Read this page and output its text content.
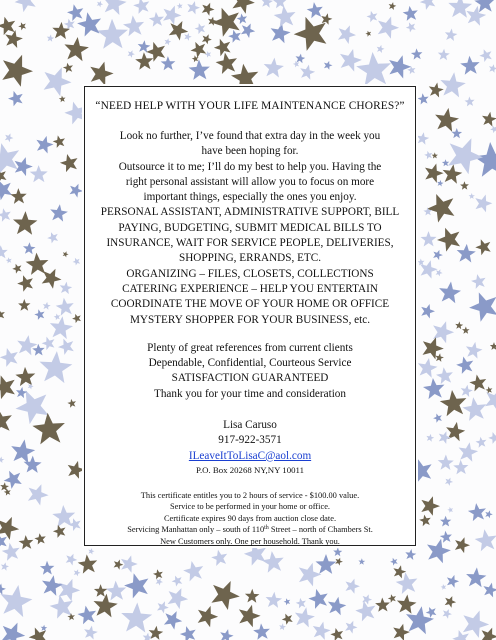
“NEED HELP WITH YOUR LIFE MAINTENANCE CHORES?”
Look no further, I’ve found that extra day in the week you
have been hoping for.
Outsource it to me; I’ll do my best to help you. Having the
right personal assistant will allow you to focus on more
important things, especially the ones you enjoy.
PERSONAL ASSISTANT, ADMINISTRATIVE SUPPORT, BILL
PAYING, BUDGETING, SUBMIT MEDICAL BILLS TO
INSURANCE, WAIT FOR SERVICE PEOPLE, DELIVERIES,
SHOPPING, ERRANDS, ETC.
ORGANIZING – FILES, CLOSETS, COLLECTIONS
CATERING EXPERIENCE – HELP YOU ENTERTAIN
COORDINATE THE MOVE OF YOUR HOME OR OFFICE
MYSTERY SHOPPER FOR YOUR BUSINESS, etc.
Plenty of great references from current clients
Dependable, Confidential, Courteous Service
SATISFACTION GUARANTEED
Thank you for your time and consideration
Lisa Caruso
917-922-3571
ILeaveItToLisaC@aol.com
P.O. Box 20268 NY,NY 10011
This certificate entitles you to 2 hours of service - $100.00 value.
Service to be performed in your home or office.
Certificate expires 90 days from auction close date.
Servicing Manhattan only – south of 110th Street – north of Chambers St.
New Customers only. One per household. Thank you.
